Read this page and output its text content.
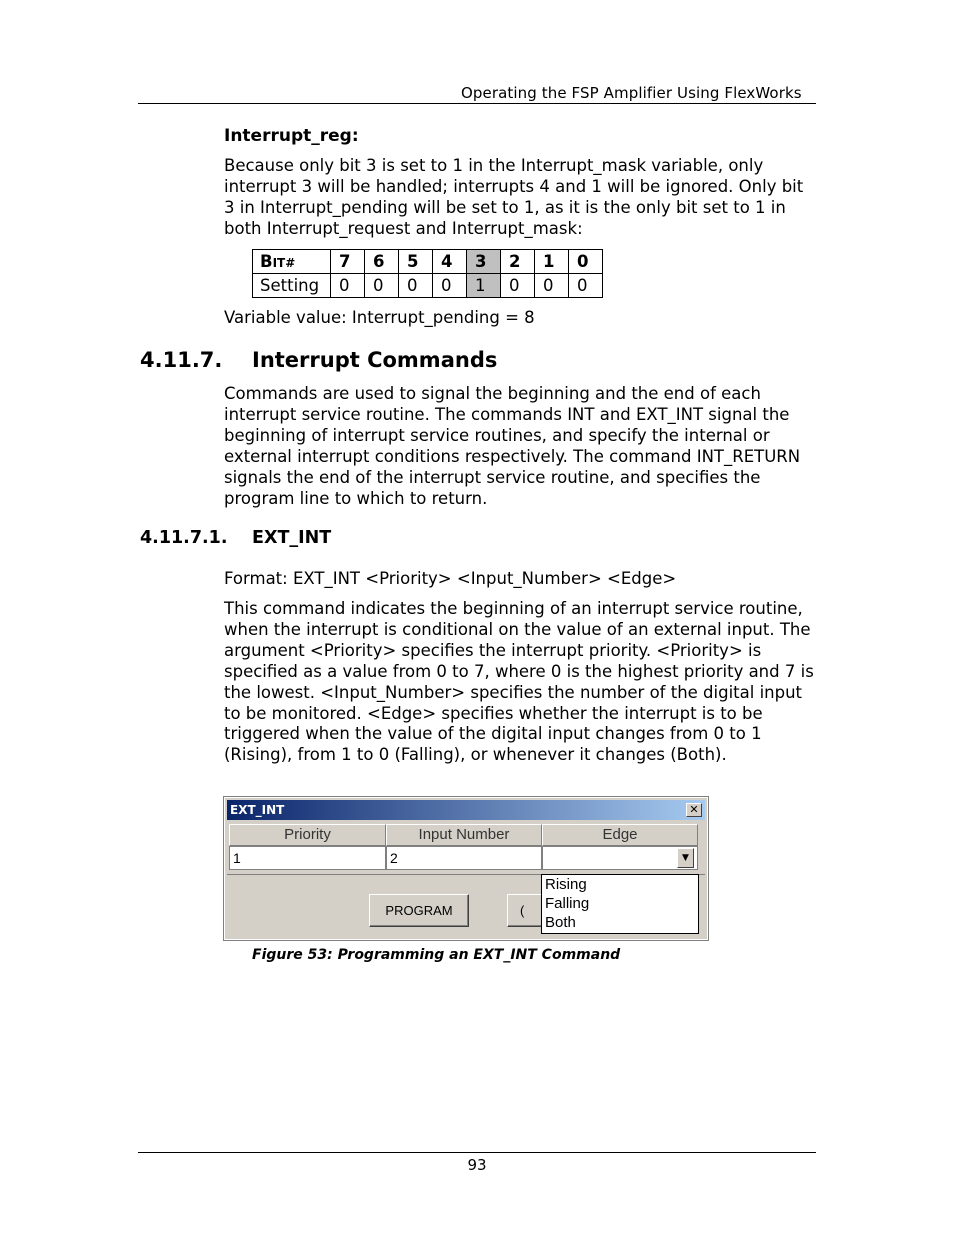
Operating the FSP Amplifier Using FlexWorks
Interrupt_reg:

Because only bit 3 is set to 1 in the Interrupt_mask variable, only interrupt 3 will be handled; interrupts 4 and 1 will be ignored. Only bit 3 in Interrupt_pending will be set to 1, as it is the only bit set to 1 in both Interrupt_request and Interrupt_mask:

BIT#	7	6	5	4	3	2	1	0
Setting	0	0	0	0	1	0	0	0
Variable value: Interrupt_pending = 8
4.11.7. Interrupt Commands

Commands are used to signal the beginning and the end of each interrupt service routine. The commands INT and EXT_INT signal the beginning of interrupt service routines, and specify the internal or external interrupt conditions respectively. The command INT_RETURN signals the end of the interrupt service routine, and specifies the program line to which to return.

4.11.7.1. EXT_INT
Format: EXT_INT <Priority> <Input_Number> <Edge>

This command indicates the beginning of an interrupt service routine, when the interrupt is conditional on the value of an external input. The argument <Priority> specifies the interrupt priority. <Priority> is specified as a value from 0 to 7, where 0 is the highest priority and 7 is the lowest. <Input_Number> specifies the number of the digital input to be monitored. <Edge> specifies whether the interrupt is to be triggered when the value of the digital input changes from 0 to 1 (Rising), from 1 to 0 (Falling), or whenever it changes (Both).

EXT_INT	✕
Priority	Input Number	Edge
1	2	▼
PROGRAM	(
Rising
Falling
Both
Figure 53: Programming an EXT_INT Command
93
